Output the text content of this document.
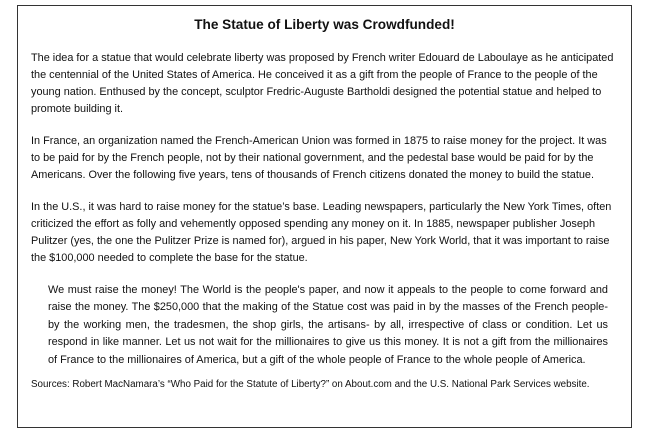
The Statue of Liberty was Crowdfunded!

The idea for a statue that would celebrate liberty was proposed by French writer Edouard de Laboulaye as he anticipated the centennial of the United States of America. He conceived it as a gift from the people of France to the people of the young nation. Enthused by the concept, sculptor Fredric-Auguste Bartholdi designed the potential statue and helped to promote building it.

In France, an organization named the French-American Union was formed in 1875 to raise money for the project. It was to be paid for by the French people, not by their national government, and the pedestal base would be paid for by the Americans. Over the following five years, tens of thousands of French citizens donated the money to build the statue.

In the U.S., it was hard to raise money for the statue’s base. Leading newspapers, particularly the New York Times, often criticized the effort as folly and vehemently opposed spending any money on it. In 1885, newspaper publisher Joseph Pulitzer (yes, the one the Pulitzer Prize is named for), argued in his paper, New York World, that it was important to raise the $100,000 needed to complete the base for the statue.

We must raise the money! The World is the people's paper, and now it appeals to the people to come forward and raise the money. The $250,000 that the making of the Statue cost was paid in by the masses of the French people- by the working men, the tradesmen, the shop girls, the artisans- by all, irrespective of class or condition. Let us respond in like manner. Let us not wait for the millionaires to give us this money. It is not a gift from the millionaires of France to the millionaires of America, but a gift of the whole people of France to the whole people of America.

Sources: Robert MacNamara’s “Who Paid for the Statute of Liberty?” on About.com and the U.S. National Park Services website.
